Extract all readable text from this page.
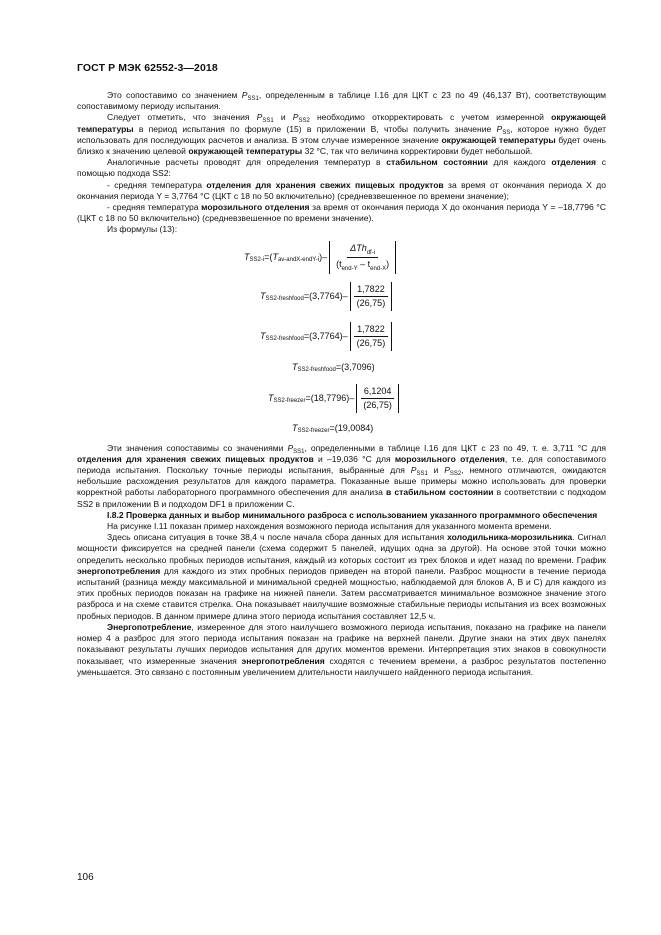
ГОСТ Р МЭК 62552-3—2018

Это сопоставимо со значением $P_{SS1}$, определенным в таблице I.16 для ЦКТ с 23 по 49 (46,137 Вт), соответствующим сопоставимому периоду испытания.

Следует отметить, что значения $P_{SS1}$ и $P_{SS2}$ необходимо откорректировать с учетом измеренной окружающей температуры в период испытания по формуле (15) в приложении В, чтобы получить значение $P_{SS}$, которое нужно будет использовать для последующих расчетов и анализа. В этом случае измеренное значение окружающей температуры будет очень близко к значению целевой окружающей температуры 32 °С, так что величина корректировки будет небольшой.

Аналогичные расчеты проводят для определения температур в стабильном состоянии для каждого отделения с помощью подхода SS2:

- средняя температура отделения для хранения свежих пищевых продуктов за время от окончания периода X до окончания периода Y = 3,7764 °С (ЦКТ с 18 по 50 включительно) (средневзвешенное по времени значение);

- средняя температура морозильного отделения за время от окончания периода X до окончания периода Y = –18,7796 °С (ЦКТ с 18 по 50 включительно) (средневзвешенное по времени значение).

Из формулы (13):

T SS2-i = ( T av-andX-endY-i ) – $\frac{\Delta Th_{df-i}}{(t_{end-Y} - t_{end-X})}$
T SS2-freshfood = $(3,7764) - \frac{1,7822}{(26,75)}$
T SS2-freshfood = $(3,7764) - \frac{1,7822}{(26,75)}$
T SS2-freshfood = (3,7096)
T SS2-freezer = $(18,7796) - \frac{6,1204}{(26,75)}$
T SS2-freezer = (19,0084)

Эти значения сопоставимы со значениями $P_{SS1}$, определенными в таблице I.16 для ЦКТ с 23 по 49, т. е. 3,711 °С для отделения для хранения свежих пищевых продуктов и –19,036 °С для морозильного отделения, т.е. для сопоставимого периода испытания. Поскольку точные периоды испытания, выбранные для $P_{SS1}$ и $P_{SS2}$, немного отличаются, ожидаются небольшие расхождения результатов для каждого параметра. Показанные выше примеры можно использовать для проверки корректной работы лабораторного программного обеспечения для анализа в стабильном состоянии в соответствии с подходом SS2 в приложении В и подходом DF1 в приложении С.

I.8.2 Проверка данных и выбор минимального разброса с использованием указанного программного обеспечения

На рисунке I.11 показан пример нахождения возможного периода испытания для указанного момента времени.

Здесь описана ситуация в точке 38,4 ч после начала сбора данных для испытания холодильника-морозильника. Сигнал мощности фиксируется на средней панели (схема содержит 5 панелей, идущих одна за другой). На основе этой точки можно определить несколько пробных периодов испытания, каждый из которых состоит из трех блоков и идет назад по времени. График энергопотребления для каждого из этих пробных периодов приведен на второй панели. Разброс мощности в течение периода испытаний (разница между максимальной и минимальной средней мощностью, наблюдаемой для блоков А, В и С) для каждого из этих пробных периодов показан на графике на нижней панели. Затем рассматривается минимальное возможное значение этого разброса и на схеме ставится стрелка. Она показывает наилучшие возможные стабильные периоды испытания из всех возможных пробных периодов. В данном примере длина этого периода испытания составляет 12,5 ч.

Энергопотребление, измеренное для этого наилучшего возможного периода испытания, показано на графике на панели номер 4 а разброс для этого периода испытания показан на графике на верхней панели. Другие знаки на этих двух панелях показывают результаты лучших периодов испытания для других моментов времени. Интерпретация этих знаков в совокупности показывает, что измеренные значения энергопотребления сходятся с течением времени, а разброс результатов постепенно уменьшается. Это связано с постоянным увеличением длительности наилучшего найденного периода испытания.

106
